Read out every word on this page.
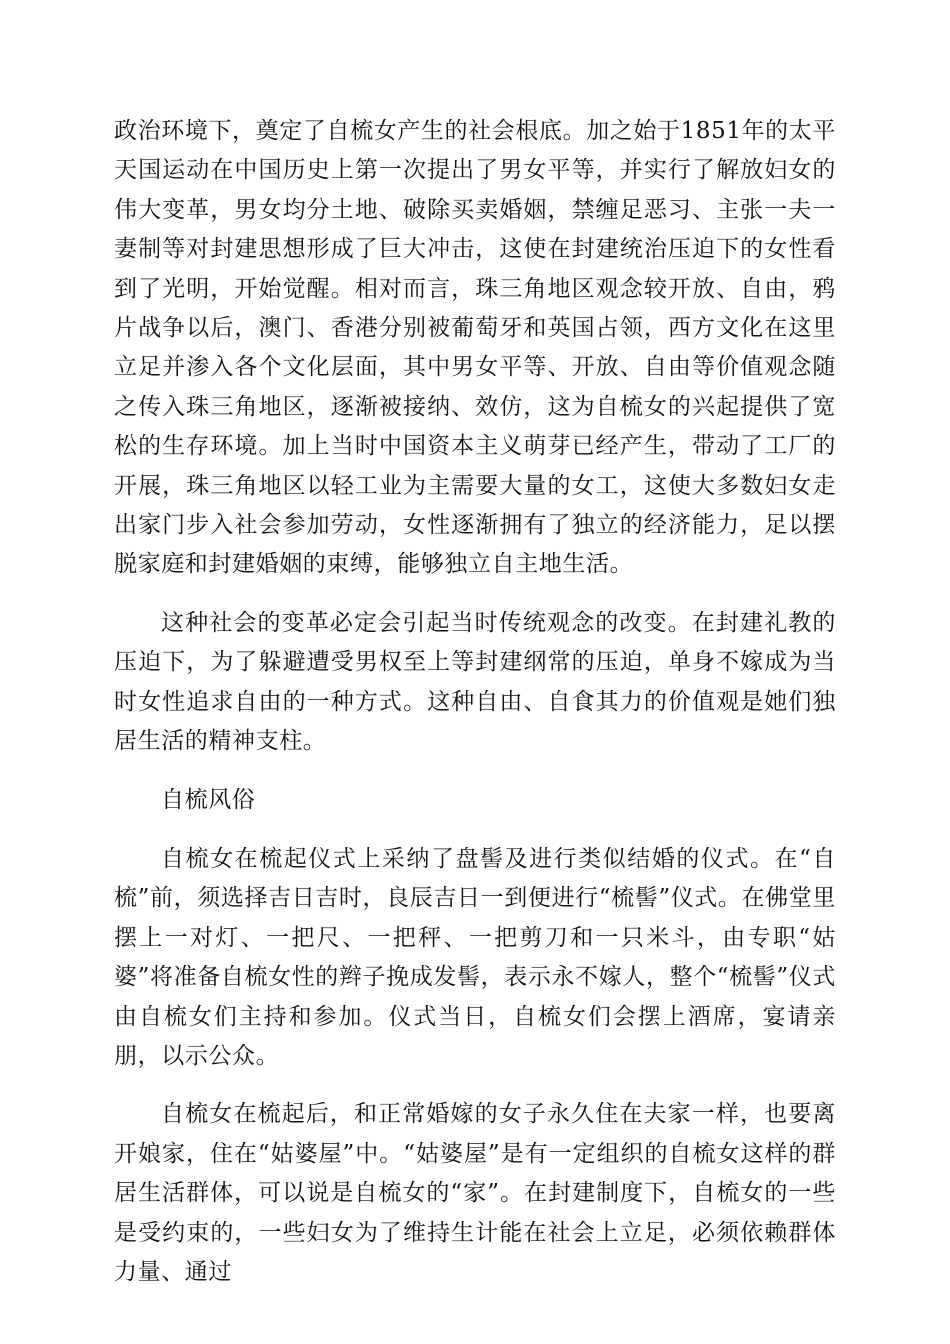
政治环境下，奠定了自梳女产生的社会根底。加之始于1851年的太平天国运动在中国历史上第一次提出了男女平等，并实行了解放妇女的伟大变革，男女均分土地、破除买卖婚姻，禁缠足恶习、主张一夫一妻制等对封建思想形成了巨大冲击，这使在封建统治压迫下的女性看到了光明，开始觉醒。相对而言，珠三角地区观念较开放、自由，鸦片战争以后，澳门、香港分别被葡萄牙和英国占领，西方文化在这里立足并渗入各个文化层面，其中男女平等、开放、自由等价值观念随之传入珠三角地区，逐渐被接纳、效仿，这为自梳女的兴起提供了宽松的生存环境。加上当时中国资本主义萌芽已经产生，带动了工厂的开展，珠三角地区以轻工业为主需要大量的女工，这使大多数妇女走出家门步入社会参加劳动，女性逐渐拥有了独立的经济能力，足以摆脱家庭和封建婚姻的束缚，能够独立自主地生活。

这种社会的变革必定会引起当时传统观念的改变。在封建礼教的压迫下，为了躲避遭受男权至上等封建纲常的压迫，单身不嫁成为当时女性追求自由的一种方式。这种自由、自食其力的价值观是她们独居生活的精神支柱。

自梳风俗

自梳女在梳起仪式上采纳了盘髻及进行类似结婚的仪式。在“自梳”前，须选择吉日吉时，良辰吉日一到便进行“梳髻”仪式。在佛堂里摆上一对灯、一把尺、一把秤、一把剪刀和一只米斗，由专职“姑婆”将准备自梳女性的辫子挽成发髻，表示永不嫁人，整个“梳髻”仪式由自梳女们主持和参加。仪式当日，自梳女们会摆上酒席，宴请亲朋，以示公众。

自梳女在梳起后，和正常婚嫁的女子永久住在夫家一样，也要离开娘家，住在“姑婆屋”中。“姑婆屋”是有一定组织的自梳女这样的群居生活群体，可以说是自梳女的“家”。在封建制度下，自梳女的一些是受约束的，一些妇女为了维持生计能在社会上立足，必须依赖群体力量、通过
